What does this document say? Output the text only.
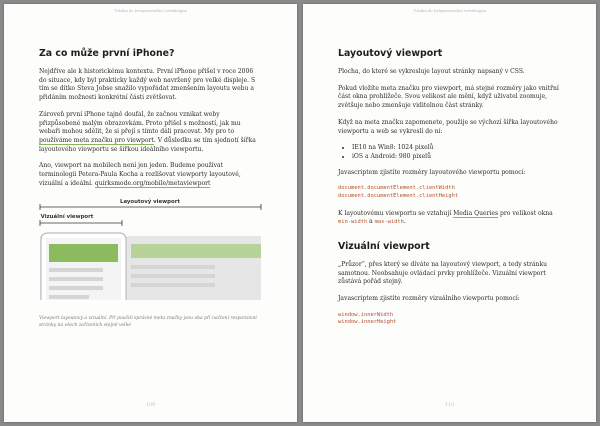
Vzhůru do (responzivního) webdesignu
Za co může první iPhone?

Nejdříve ale k historickému kontextu. První iPhone přišel v roce 2006 do situace, kdy byl prakticky každý web navržený pro velké displeje. S tím se dítko Steva Jobse snažilo vypořádat zmenšením layoutu webu a přidáním možnosti konkrétní části zvětšovat.

Zároveň první iPhone tajně doufal, že začnou vznikat weby přizpůsobené malým obrazovkám. Proto přišel s možností, jak mu webaři mohou sdělit, že si přejí s tímto dáli pracovat. My pro to používáme meta značku pro viewport. V důsledku se tím sjednotí šířka layoutového viewportu se šířkou ideálního viewportu.

Ano, viewport na mobilech není jen jeden. Budeme používat terminologii Petera-Paula Kocha a rozlišovat viewporty layoutové, vizuální a ideální. quirksmode.org/mobile/metaviewport

Layoutový viewport
Vizuální viewport
Viewport layoutový a vizuální. Při použití správné meta značky jsou oba při načtení responzivní stránky na všech zařízeních stejně velké
109
Vzhůru do (responzivního) webdesignu
Layoutový viewport

Plocha, do které se vykresluje layout stránky napsaný v CSS.

Pokud vložíte meta značku pro viewport, má stejné rozměry jako vnitřní část okna prohlížeče. Svou velikost ale mění, když uživatel zoomuje, zvětšuje nebo zmenšuje viditelnou část stránky.

Když na meta značku zapomenete, použije se výchozí šířka layoutového viewportu a web se vykreslí do ní:

• IE10 na Win8: 1024 pixelů
• iOS a Android: 980 pixelů

Javascriptem zjistíte rozměry layoutového viewportu pomocí:

document.documentElement.clientWidth
document.documentElement.clientHeight

K layoutovému viewportu se vztahují Media Queries pro velikost okna min-width a max-width.

Vizuální viewport

„Průzor“, přes který se díváte na layoutový viewport, a tedy stránku samotnou. Neobsahuje ovládací prvky prohlížeče. Vizuální viewport zůstává pořád stejný.

Javascriptem zjistíte rozměry vizuálního viewportu pomocí:

window.innerWidth
window.innerHeight
110
